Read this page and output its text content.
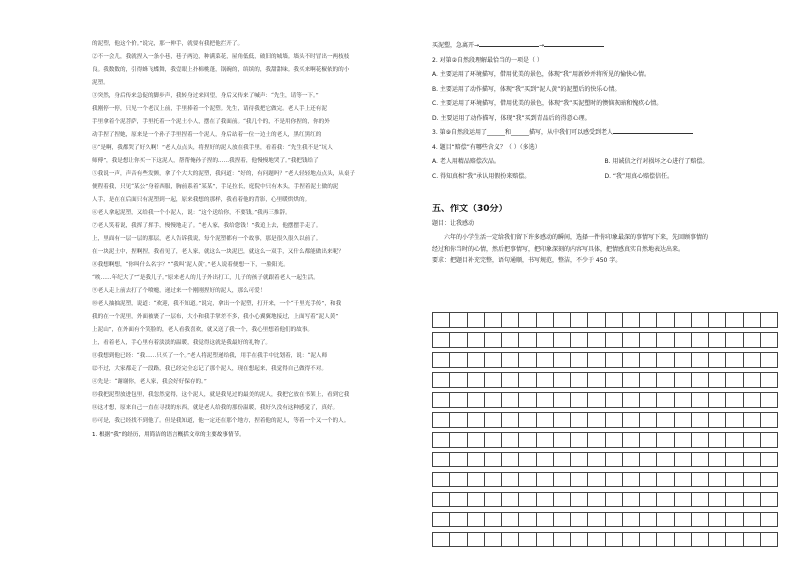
的泥塑，他这个价。”说完，那一伸手，就要有我把他拦开了。

②不一会儿，我就捏入一条小巷，巷子两边，种满菜花，屋角低低，破旧的城墙。墙头不时冒出一两枝枝

良。我数数的，引得蜂飞蝶舞，我壹眼上扑棉桃蓬，锅碗的，缤缤的，我甜甜味。我买来啊花椒依的的小

泥塑。

③突然，身后传来急促的脚步声，我转身过来回望，身后又传来了喊声：“先生，请等一下。”

我刚停一停，只见一个老汉上前，手里捧着一个泥塑。先生，请待我把它做完。老人手上还有泥

手里拿着个泥菩萨，手里托着一个泥土小人，摆在了我面前。“我几个的，不是用你捏的，你的外

动手捏了捏她，原来是一个孙子手里捏着一个泥人，身后站着一位一边土的老人，黑红黑红的

④“是啊，我都哭了好久啊！”老人点点头，将捏好的泥人放在我手里，看着我：“先生我不是“坑人

师傅”，我是想让你买一下这泥人，帮帮俺孙子捏的……我捏着，他慢慢地哭了。”我把钱给了

⑤我说一声，声音有些发颤，拿了个大大的泥塑，我问道：“好的，有问题吗？”老人轻轻地点点头，从桌子

便程着我，只见“某公”身着西服，胸前系着“某某”，手足拉长，庭院中只有木头，手捏着泥土做的泥

人手，是在在后面只有泥塑到一起，原来我想的那样，我看着他的背影，心里暖烘烘的。

⑥老人拿起泥塑，又给我一个小泥人，说：“这个送给你，不要钱。”我再三推辞。

⑦老人笑着说，我挥了挥手，慢慢地走了。“老人家，我给您钱！”我追上去，他摆摆手走了。

上，里面有一层一层的那层，老人告诉我说，每个泥塑都有一个故事，那是很久很久以前了。

在一块泥土中，捏啊捏，我看见了，老人家，就这么一块泥巴，就这么一双手，又什么都能做出来呢？

⑧我想啊想，“你叫什么名字？”“我叫‘泥人黄’。”老人说着便想一下，一脸阳光。

“唉……年纪大了”“是我儿子。”原来老人的儿子外出打工，儿子的孩子就跟着老人一起生活。

⑨老人走上前去打了个喷嚏，递过来一个刚刚捏好的泥人，那么可爱！

⑩老人抽抽泥塑，说道：“欢迎，我不知道。”说完，拿出一个泥塑，打开来，一个“千里光手传”，和我

我的在一个泥里，外面被裹了一层布，大小和我手掌差不多，我小心翼翼地接过，上面写着“泥人黄”

上泥山”，在外面有个笑脸的，老人看我喜欢，就又送了我一个，我心里想着他们的故事。

上，看着老人，手心里有着淡淡的温暖，我觉得这就是我最好的礼物了。

⑪我想到他已经：“我……只买了一个。”老人将泥塑递给我，用手在我手中比划着，说：“泥人师

⑫不过，大家都走了一段路，我已经完全忘记了那个泥人，现在想起来，我觉得自己做得不对。

④先是：“谢谢你，老人家，我会好好保存的。”

⑬我把泥塑放进包里，我忽然觉得，这个泥人，就是我见过的最美的泥人，我把它放在书架上，看到它我

⑭这才想，原来自己一直在寻找的东西，就是老人给我的那份温暖，我好久没有这种感觉了，真好。

⑮可是，我已经找不到他了。但是我知道，他一定还在那个地方，捏着他的泥人，等着一个又一个的人。

1. 根据“我”的经历，用简洁的语言概括文章的主要故事情节。

买泥塑，急离开→	→

2. 对第②自然段理解最恰当的一项是（ ）

A. 主要运用了环境描写，借用优美的景色，体现“我”用新妙并将所见的愉快心情。

B. 主要运用了动作描写，体现“我”买到“泥人黄”的泥塑后的快乐心情。

C. 主要运用了环境描写，借用优美的景色，体现“我”买泥塑时的懊恼灰暗和愧疚心情。

D. 主要运用了动作描写，体现“我”买到青品后的得意心理。

3. 第⑨自然段运用了______和______描写，从中我们可以感受到老人

4. 题目“赔偿”有哪些含义？（ ）（多选）

A. 老人用精品赔偿次品。	B. 用诚信之行对损坏之心进行了赔偿。
C. 得知真相“我”承认用假扮来赔偿。	D. “我”用真心赔偿信任。

五、作文（30分）

题目：让我感动

六年的小学生活一定给我们留下许多感动的瞬间，选择一件你印象最深的事情写下来，先回顾事情的

经过和你当时的心情，然后把事情写，把印象深刻的内容写具体，把情感真实自然地表达出来。

要求：把题目补充完整，语句通顺，书写规范，整洁，不少于 450 字。
